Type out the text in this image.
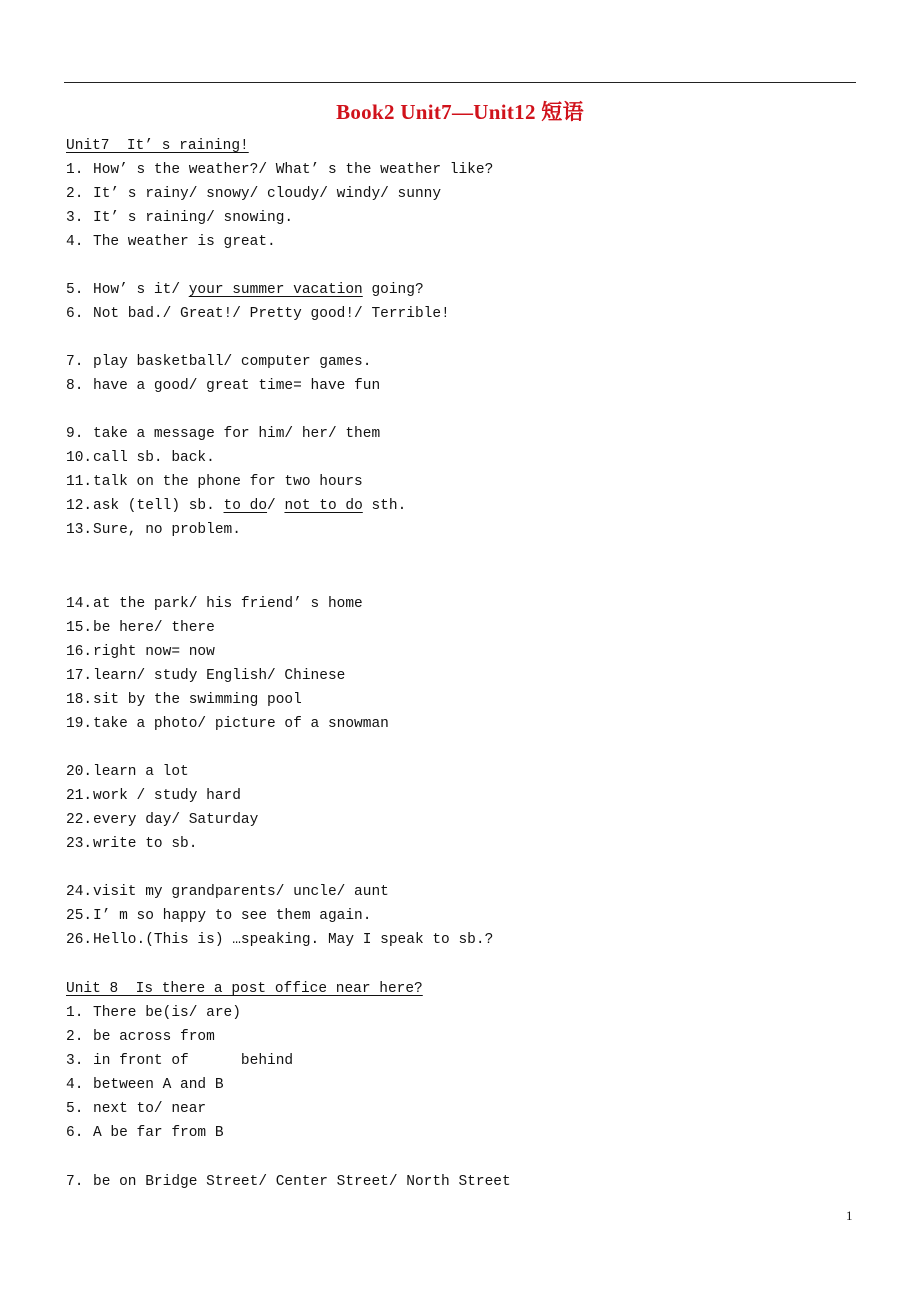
Book2 Unit7—Unit12 短语
Unit7  It’ s raining!
1. How’ s the weather?/ What’ s the weather like?
2. It’ s rainy/ snowy/ cloudy/ windy/ sunny
3. It’ s raining/ snowing.
4. The weather is great.
5. How’ s it/ your summer vacation going?
6. Not bad./ Great!/ Pretty good!/ Terrible!
7. play basketball/ computer games.
8. have a good/ great time= have fun
9. take a message for him/ her/ them
10.call sb. back.
11.talk on the phone for two hours
12.ask (tell) sb. to do/ not to do sth.
13.Sure, no problem.
14.at the park/ his friend’ s home
15.be here/ there
16.right now= now
17.learn/ study English/ Chinese
18.sit by the swimming pool
19.take a photo/ picture of a snowman
20.learn a lot
21.work / study hard
22.every day/ Saturday
23.write to sb.
24.visit my grandparents/ uncle/ aunt
25.I’ m so happy to see them again.
26.Hello.(This is) …speaking. May I speak to sb.?
Unit 8  Is there a post office near here?
1. There be(is/ are)
2. be across from
3. in front of      behind
4. between A and B
5. next to/ near
6. A be far from B
7. be on Bridge Street/ Center Street/ North Street
1
